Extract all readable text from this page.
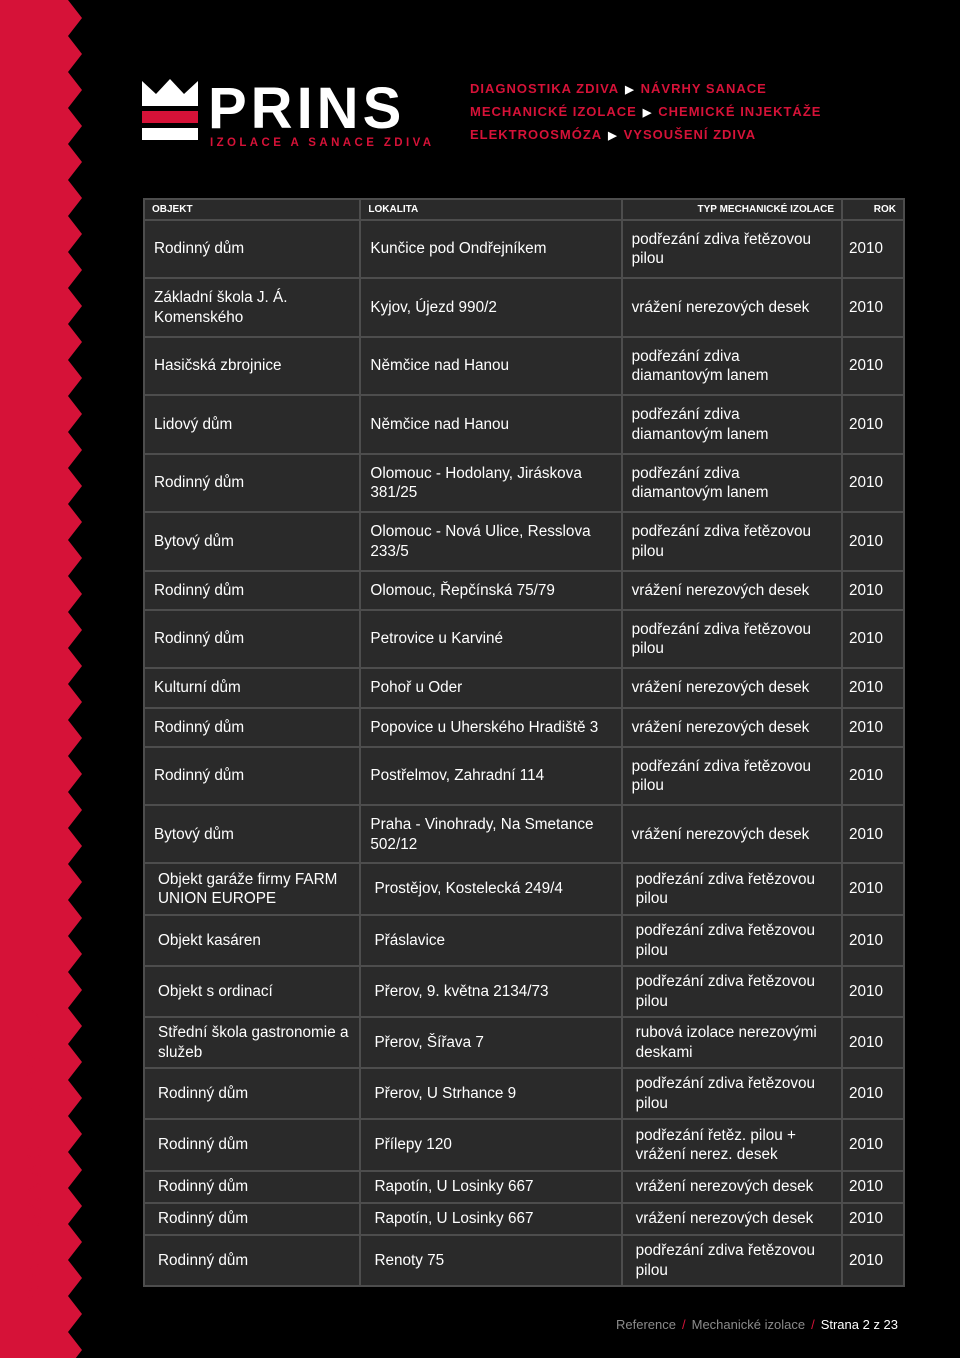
WWW.SANACE-ZDIVA.CZ
PRINS
IZOLACE A SANACE ZDIVA
DIAGNOSTIKA ZDIVA ▶ NÁVRHY SANACE
MECHANICKÉ IZOLACE ▶ CHEMICKÉ INJEKTÁŽE
ELEKTROOSMÓZA ▶ VYSOUŠENÍ ZDIVA
OBJEKT	LOKALITA	TYP MECHANICKÉ IZOLACE	ROK
Rodinný dům	Kunčice pod Ondřejníkem	podřezání zdiva řetězovou pilou	2010
Základní škola J. Á. Komenského	Kyjov, Újezd 990/2	vrážení nerezových desek	2010
Hasičská zbrojnice	Němčice nad Hanou	podřezání zdiva diamantovým lanem	2010
Lidový dům	Němčice nad Hanou	podřezání zdiva diamantovým lanem	2010
Rodinný dům	Olomouc - Hodolany, Jiráskova 381/25	podřezání zdiva diamantovým lanem	2010
Bytový dům	Olomouc - Nová Ulice, Resslova 233/5	podřezání zdiva řetězovou pilou	2010
Rodinný dům	Olomouc, Řepčínská 75/79	vrážení nerezových desek	2010
Rodinný dům	Petrovice u Karviné	podřezání zdiva řetězovou pilou	2010
Kulturní dům	Pohoř u Oder	vrážení nerezových desek	2010
Rodinný dům	Popovice u Uherského Hradiště 3	vrážení nerezových desek	2010
Rodinný dům	Postřelmov, Zahradní 114	podřezání zdiva řetězovou pilou	2010
Bytový dům	Praha - Vinohrady, Na Smetance 502/12	vrážení nerezových desek	2010
Objekt garáže firmy FARM UNION EUROPE	Prostějov, Kostelecká 249/4	podřezání zdiva řetězovou pilou	2010
Objekt kasáren	Přáslavice	podřezání zdiva řetězovou pilou	2010
Objekt s ordinací	Přerov, 9. května 2134/73	podřezání zdiva řetězovou pilou	2010
Střední škola gastronomie a služeb	Přerov, Šířava 7	rubová izolace nerezovými deskami	2010
Rodinný dům	Přerov, U Strhance 9	podřezání zdiva řetězovou pilou	2010
Rodinný dům	Přílepy 120	podřezání řetěz. pilou + vrážení nerez. desek	2010
Rodinný dům	Rapotín, U Losinky 667	vrážení nerezových desek	2010
Rodinný dům	Rapotín, U Losinky 667	vrážení nerezových desek	2010
Rodinný dům	Renoty 75	podřezání zdiva řetězovou pilou	2010
Reference / Mechanické izolace / Strana 2 z 23
